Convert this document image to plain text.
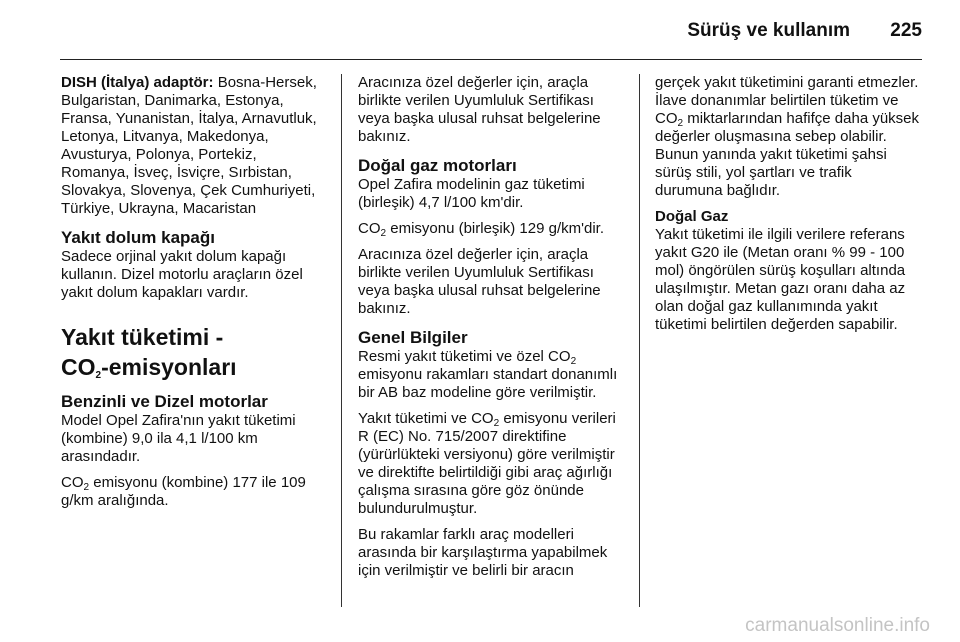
Sürüş ve kullanım	225

DISH (İtalya) adaptör: Bosna-Hersek, Bulgaristan, Danimarka, Estonya, Fransa, Yunanistan, İtalya, Arnavutluk, Letonya, Litvanya, Makedonya, Avusturya, Polonya, Portekiz, Romanya, İsveç, İsviçre, Sırbistan, Slovakya, Slovenya, Çek Cumhuriyeti, Türkiye, Ukrayna, Macaristan

Yakıt dolum kapağı

Sadece orjinal yakıt dolum kapağı kullanın. Dizel motorlu araçların özel yakıt dolum kapakları vardır.

Yakıt tüketimi -
$CO_2$-emisyonları
Benzinli ve Dizel motorlar

Model Opel Zafira'nın yakıt tüketimi (kombine) 9,0 ila 4,1 l/100 km arasındadır.

$CO_2$ emisyonu (kombine) 177 ile 109 g/km aralığında.

Aracınıza özel değerler için, araçla birlikte verilen Uyumluluk Sertifikası veya başka ulusal ruhsat belgelerine bakınız.

Doğal gaz motorları

Opel Zafira modelinin gaz tüketimi (birleşik) 4,7 l/100 km'dir.

$CO_2$ emisyonu (birleşik) 129 g/km'dir.

Aracınıza özel değerler için, araçla birlikte verilen Uyumluluk Sertifikası veya başka ulusal ruhsat belgelerine bakınız.

Genel Bilgiler

Resmi yakıt tüketimi ve özel $CO_2$ emisyonu rakamları standart donanımlı bir AB baz modeline göre verilmiştir.

Yakıt tüketimi ve $CO_2$ emisyonu verileri R (EC) No. 715/2007 direktifine (yürürlükteki versiyonu) göre verilmiştir ve direktifte belirtildiği gibi araç ağırlığı çalışma sırasına göre göz önünde bulundurulmuştur.

Bu rakamlar farklı araç modelleri arasında bir karşılaştırma yapabilmek için verilmiştir ve belirli bir aracın

gerçek yakıt tüketimini garanti etmezler. İlave donanımlar belirtilen tüketim ve $CO_2$ miktarlarından hafifçe daha yüksek değerler oluşmasına sebep olabilir. Bunun yanında yakıt tüketimi şahsi sürüş stili, yol şartları ve trafik durumuna bağlıdır.

Doğal Gaz

Yakıt tüketimi ile ilgili verilere referans yakıt G20 ile (Metan oranı % 99 - 100 mol) öngörülen sürüş koşulları altında ulaşılmıştır. Metan gazı oranı daha az olan doğal gaz kullanımında yakıt tüketimi belirtilen değerden sapabilir.

carmanualsonline.info
